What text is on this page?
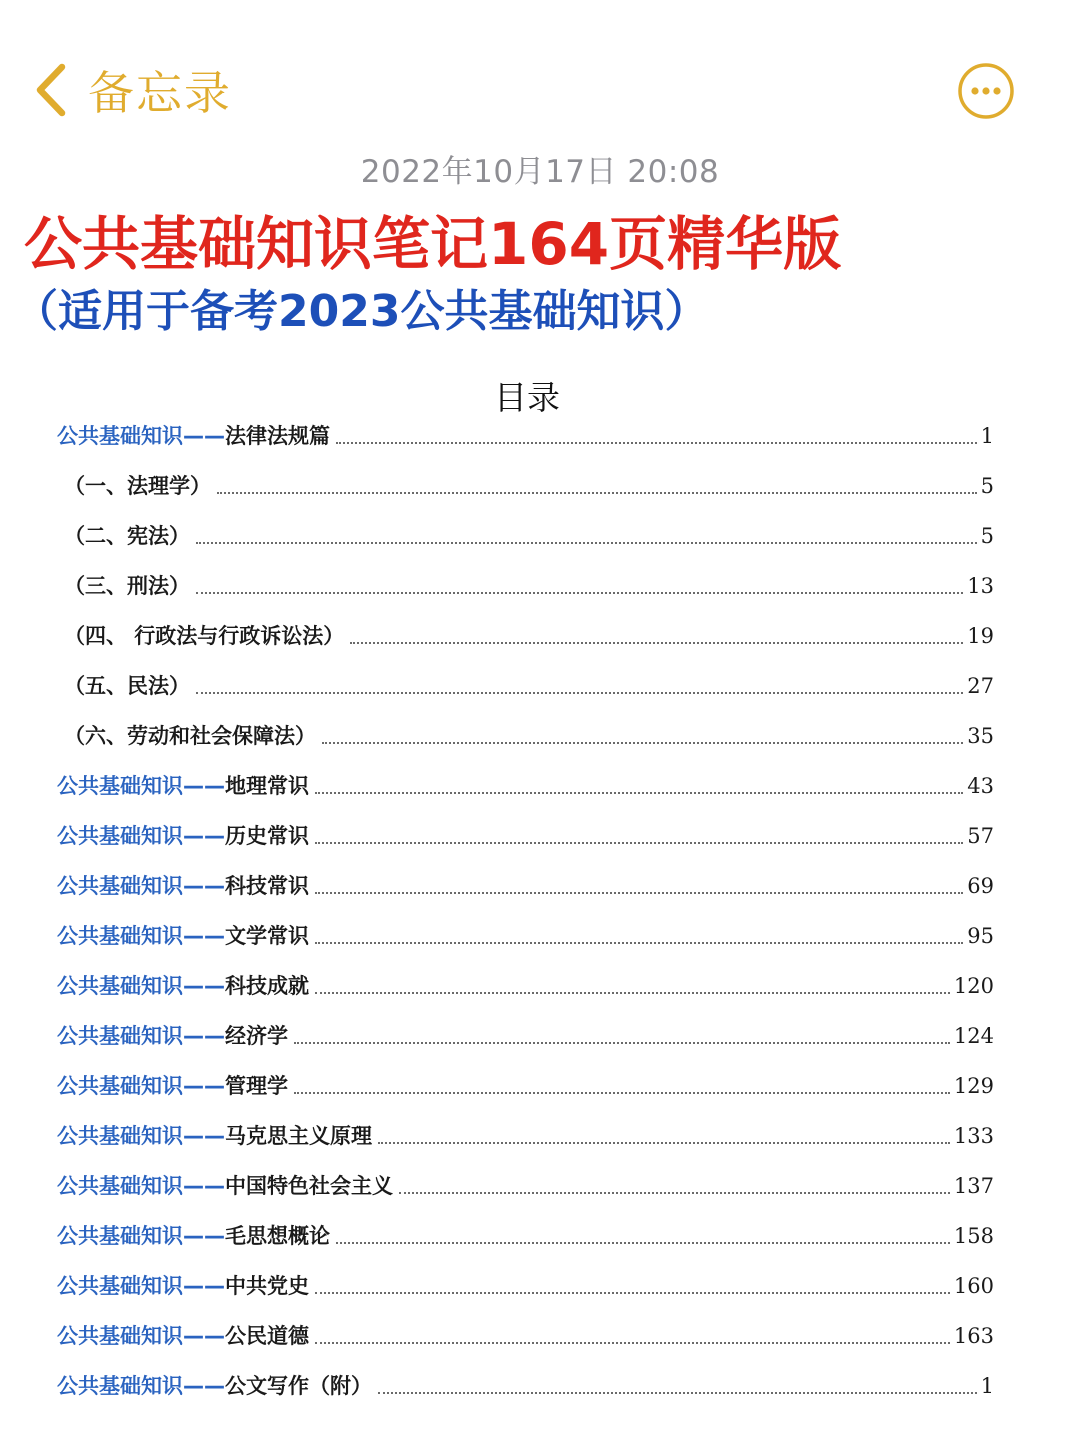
备忘录
2022年10月17日 20:08
公共基础知识笔记164页精华版
（适用于备考2023公共基础知识）
目录
公共基础知识——法律法规篇	1
（一、法理学）	5
（二、宪法）	5
（三、刑法）	13
（四、 行政法与行政诉讼法）	19
（五、民法）	27
（六、劳动和社会保障法）	35
公共基础知识——地理常识	43
公共基础知识——历史常识	57
公共基础知识——科技常识	69
公共基础知识——文学常识	95
公共基础知识——科技成就	120
公共基础知识——经济学	124
公共基础知识——管理学	129
公共基础知识——马克思主义原理	133
公共基础知识——中国特色社会主义	137
公共基础知识——毛思想概论	158
公共基础知识——中共党史	160
公共基础知识——公民道德	163
公共基础知识——公文写作（附）	1
